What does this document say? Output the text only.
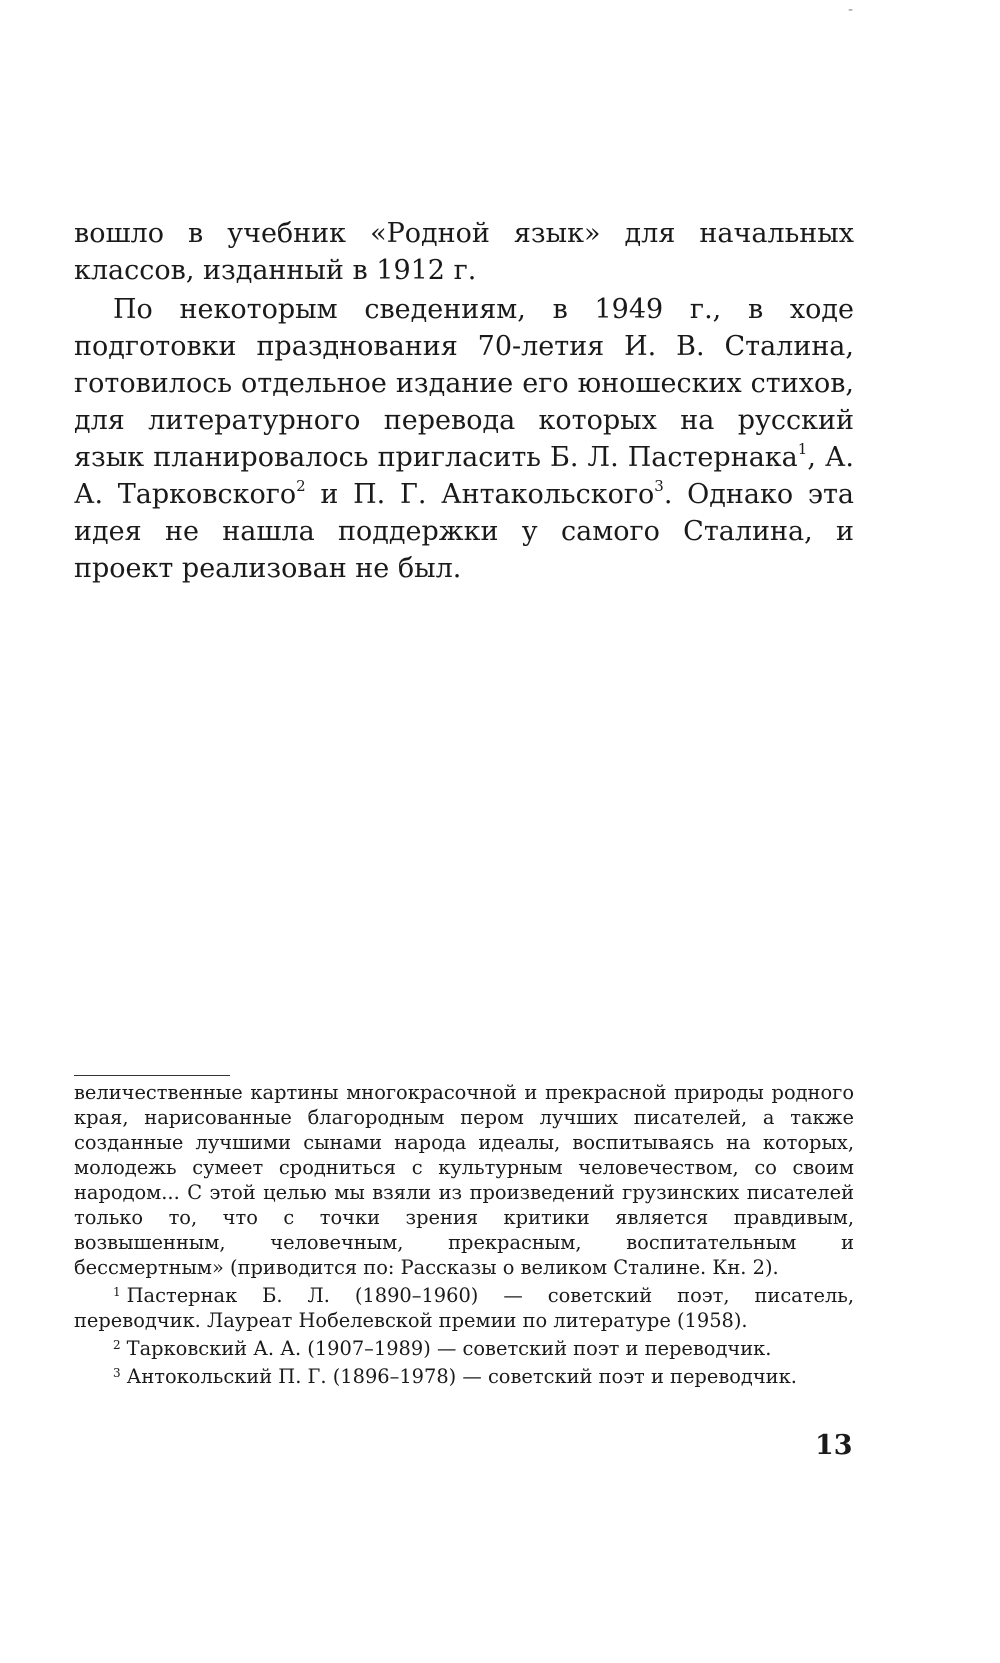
-

вошло в учебник «Родной язык» для начальных классов, изданный в 1912 г.

По некоторым сведениям, в 1949 г., в ходе подготовки празднования 70-летия И. В. Сталина, готовилось отдельное издание его юношеских стихов, для литературного перевода которых на русский язык планировалось пригласить Б. Л. Пастернака$^1$, А. А. Тарковского$^2$ и П. Г. Антакольского$^3$. Однако эта идея не нашла поддержки у самого Сталина, и проект реализован не был.

величественные картины многокрасочной и прекрасной природы родного края, нарисованные благородным пером лучших писателей, а также созданные лучшими сынами народа идеалы, воспитываясь на которых, молодежь сумеет сродниться с культурным человечеством, со своим народом... С этой целью мы взяли из произведений грузинских писателей только то, что с точки зрения критики является правдивым, возвышенным, человечным, прекрасным, воспитательным и бессмертным» (приводится по: Рассказы о великом Сталине. Кн. 2).

$^1$ Пастернак Б. Л. (1890–1960) — советский поэт, писатель, переводчик. Лауреат Нобелевской премии по литературе (1958).

$^2$ Тарковский А. А. (1907–1989) — советский поэт и переводчик.

$^3$ Антокольский П. Г. (1896–1978) — советский поэт и переводчик.

13
